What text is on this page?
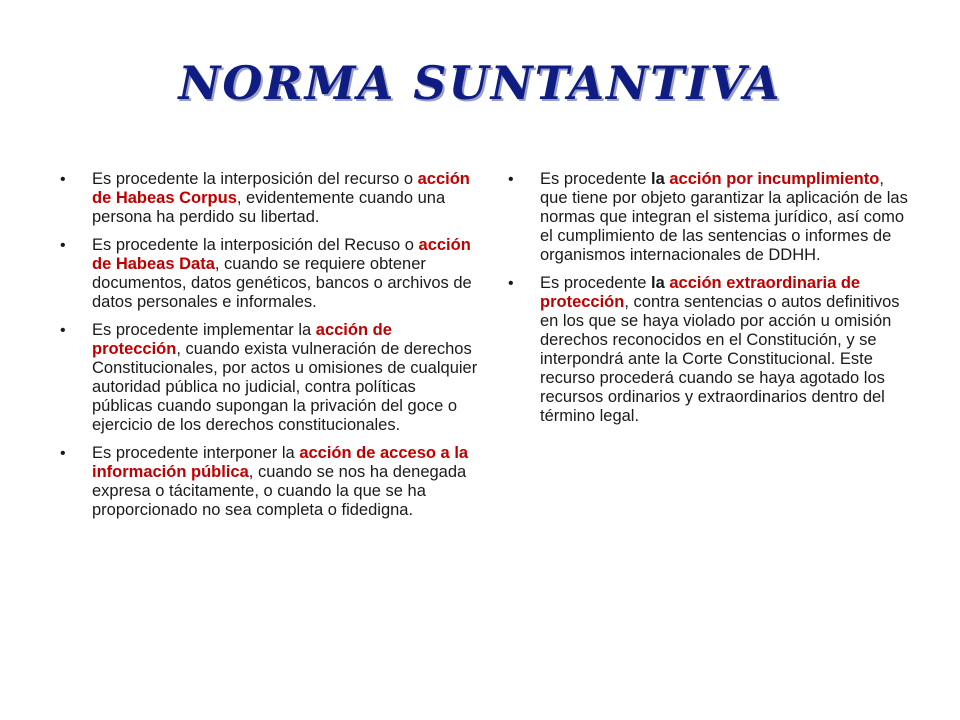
NORMA SUNTANTIVA
• Es procedente la interposición del recurso o acción de Habeas Corpus, evidentemente cuando una persona ha perdido su libertad.
• Es procedente la interposición del Recuso o acción de Habeas Data, cuando se requiere obtener documentos, datos genéticos, bancos o archivos de datos personales e informales.
• Es procedente implementar la acción de protección, cuando exista vulneración de derechos Constitucionales, por actos u omisiones de cualquier autoridad pública no judicial, contra políticas públicas cuando supongan la privación del goce o ejercicio de los derechos constitucionales.
• Es procedente interponer la acción de acceso a la información pública, cuando se nos ha denegada expresa o tácitamente, o cuando la que se ha proporcionado no sea completa o fidedigna.
• Es procedente la acción por incumplimiento, que tiene por objeto garantizar la aplicación de las normas que integran el sistema jurídico, así como el cumplimiento de las sentencias o informes de organismos internacionales de DDHH.
• Es procedente la acción extraordinaria de protección, contra sentencias o autos definitivos en los que se haya violado por acción u omisión derechos reconocidos en el Constitución, y se interpondrá ante la Corte Constitucional. Este recurso procederá cuando se haya agotado los recursos ordinarios y extraordinarios dentro del término legal.
